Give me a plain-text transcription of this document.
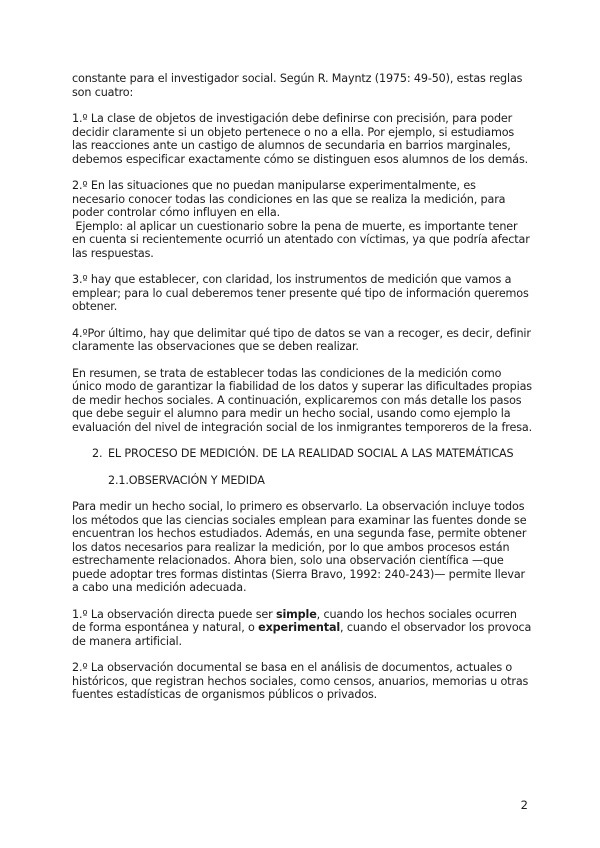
constante para el investigador social. Según R. Mayntz (1975: 49-50), estas reglas son cuatro:

1.º La clase de objetos de investigación debe definirse con precisión, para poder decidir claramente si un objeto pertenece o no a ella. Por ejemplo, si estudiamos las reacciones ante un castigo de alumnos de secundaria en barrios marginales, debemos especificar exactamente cómo se distinguen esos alumnos de los demás.

2.º En las situaciones que no puedan manipularse experimentalmente, es necesario conocer todas las condiciones en las que se realiza la medición, para poder controlar cómo influyen en ella.
Ejemplo: al aplicar un cuestionario sobre la pena de muerte, es importante tener en cuenta si recientemente ocurrió un atentado con víctimas, ya que podría afectar las respuestas.

3.º hay que establecer, con claridad, los instrumentos de medición que vamos a emplear; para lo cual deberemos tener presente qué tipo de información queremos obtener.

4.ºPor último, hay que delimitar qué tipo de datos se van a recoger, es decir, definir claramente las observaciones que se deben realizar.

En resumen, se trata de establecer todas las condiciones de la medición como único modo de garantizar la fiabilidad de los datos y superar las dificultades propias de medir hechos sociales. A continuación, explicaremos con más detalle los pasos que debe seguir el alumno para medir un hecho social, usando como ejemplo la evaluación del nivel de integración social de los inmigrantes temporeros de la fresa.

2. EL PROCESO DE MEDICIÓN. DE LA REALIDAD SOCIAL A LAS MATEMÁTICAS
2.1.OBSERVACIÓN Y MEDIDA

Para medir un hecho social, lo primero es observarlo. La observación incluye todos los métodos que las ciencias sociales emplean para examinar las fuentes donde se encuentran los hechos estudiados. Además, en una segunda fase, permite obtener los datos necesarios para realizar la medición, por lo que ambos procesos están estrechamente relacionados. Ahora bien, solo una observación científica —que puede adoptar tres formas distintas (Sierra Bravo, 1992: 240-243)— permite llevar a cabo una medición adecuada.

1.º La observación directa puede ser simple, cuando los hechos sociales ocurren de forma espontánea y natural, o experimental, cuando el observador los provoca de manera artificial.

2.º La observación documental se basa en el análisis de documentos, actuales o históricos, que registran hechos sociales, como censos, anuarios, memorias u otras fuentes estadísticas de organismos públicos o privados.

2
